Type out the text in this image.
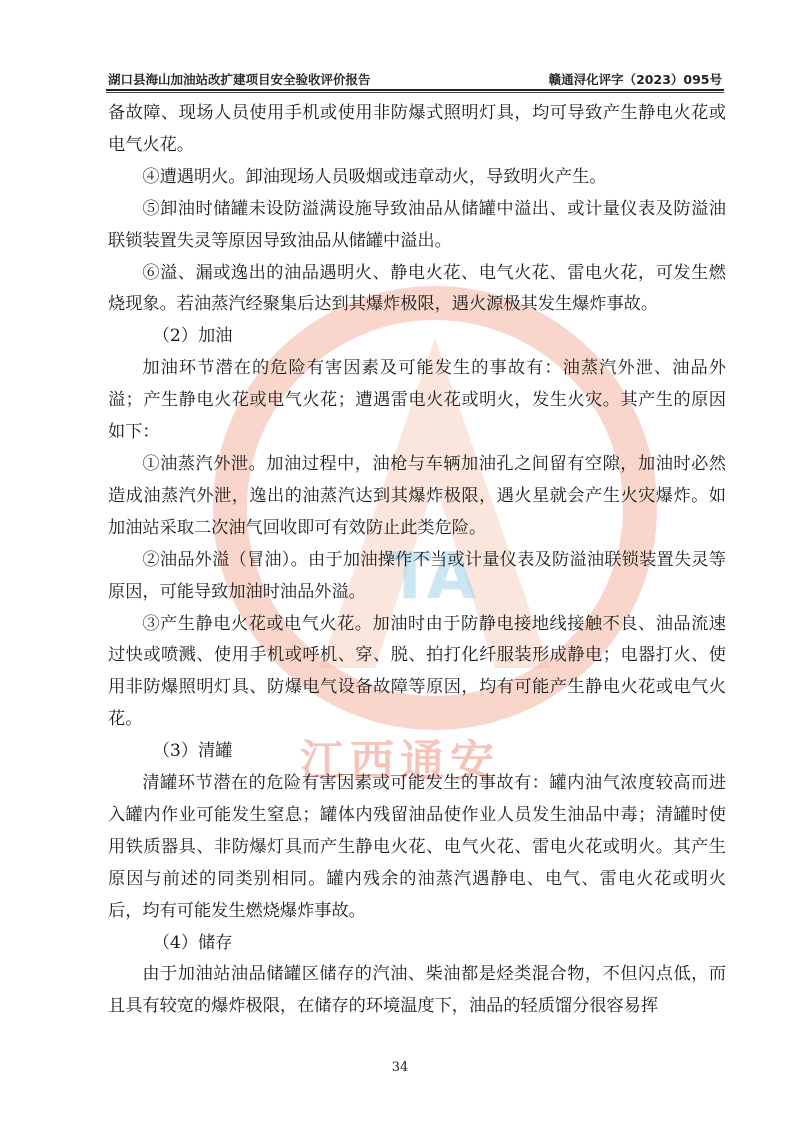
湖口县海山加油站改扩建项目安全验收评价报告	赣通浔化评字（2023）095号
TA
江西通安

备故障、现场人员使用手机或使用非防爆式照明灯具，均可导致产生静电火花或电气火花。

④遭遇明火。卸油现场人员吸烟或违章动火，导致明火产生。

⑤卸油时储罐未设防溢满设施导致油品从储罐中溢出、或计量仪表及防溢油联锁装置失灵等原因导致油品从储罐中溢出。

⑥溢、漏或逸出的油品遇明火、静电火花、电气火花、雷电火花，可发生燃烧现象。若油蒸汽经聚集后达到其爆炸极限，遇火源极其发生爆炸事故。

（2）加油

加油环节潜在的危险有害因素及可能发生的事故有：油蒸汽外泄、油品外溢；产生静电火花或电气火花；遭遇雷电火花或明火，发生火灾。其产生的原因如下：

①油蒸汽外泄。加油过程中，油枪与车辆加油孔之间留有空隙，加油时必然造成油蒸汽外泄，逸出的油蒸汽达到其爆炸极限，遇火星就会产生火灾爆炸。如加油站采取二次油气回收即可有效防止此类危险。

②油品外溢（冒油）。由于加油操作不当或计量仪表及防溢油联锁装置失灵等原因，可能导致加油时油品外溢。

③产生静电火花或电气火花。加油时由于防静电接地线接触不良、油品流速过快或喷溅、使用手机或呼机、穿、脱、拍打化纤服装形成静电；电器打火、使用非防爆照明灯具、防爆电气设备故障等原因，均有可能产生静电火花或电气火花。

（3）清罐

清罐环节潜在的危险有害因素或可能发生的事故有：罐内油气浓度较高而进入罐内作业可能发生窒息；罐体内残留油品使作业人员发生油品中毒；清罐时使用铁质器具、非防爆灯具而产生静电火花、电气火花、雷电火花或明火。其产生原因与前述的同类别相同。罐内残余的油蒸汽遇静电、电气、雷电火花或明火后，均有可能发生燃烧爆炸事故。

（4）储存

由于加油站油品储罐区储存的汽油、柴油都是烃类混合物，不但闪点低，而且具有较宽的爆炸极限，在储存的环境温度下，油品的轻质馏分很容易挥

34
